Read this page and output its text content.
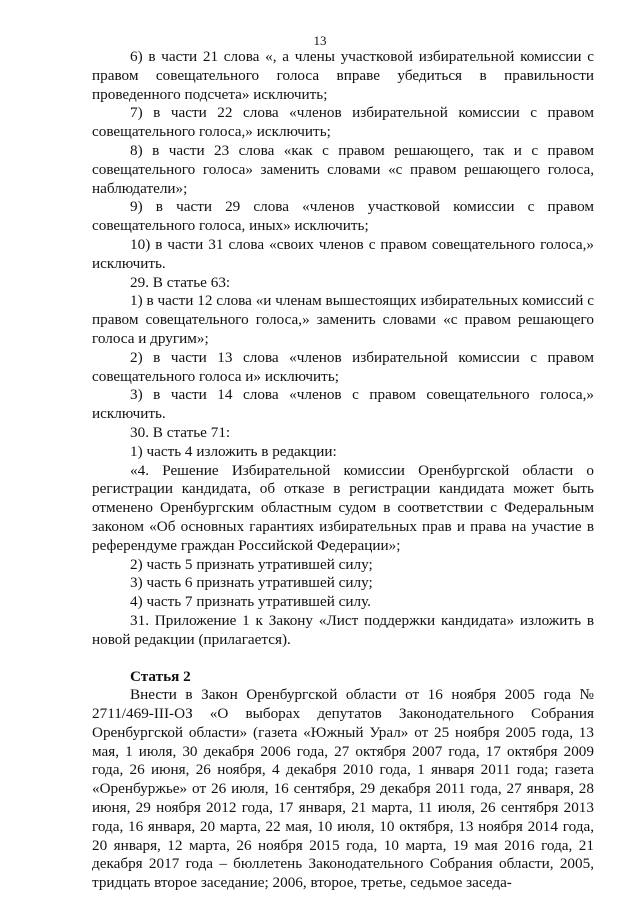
13

6) в части 21 слова «, а члены участковой избирательной комиссии с правом совещательного голоса вправе убедиться в правильности проведенного подсчета» исключить;

7) в части 22 слова «членов избирательной комиссии с правом совещательного голоса,» исключить;

8) в части 23 слова «как с правом решающего, так и с правом совещательного голоса» заменить словами «с правом решающего голоса, наблюдатели»;

9) в части 29 слова «членов участковой комиссии с правом совещательного голоса, иных» исключить;

10) в части 31 слова «своих членов с правом совещательного голоса,» исключить.

29. В статье 63:

1) в части 12 слова «и членам вышестоящих избирательных комиссий с правом совещательного голоса,» заменить словами «с правом решающего голоса и другим»;

2) в части 13 слова «членов избирательной комиссии с правом совещательного голоса и» исключить;

3) в части 14 слова «членов с правом совещательного голоса,» исключить.

30. В статье 71:

1) часть 4 изложить в редакции:

«4. Решение Избирательной комиссии Оренбургской области о регистрации кандидата, об отказе в регистрации кандидата может быть отменено Оренбургским областным судом в соответствии с Федеральным законом «Об основных гарантиях избирательных прав и права на участие в референдуме граждан Российской Федерации»;

2) часть 5 признать утратившей силу;

3) часть 6 признать утратившей силу;

4) часть 7 признать утратившей силу.

31. Приложение 1 к Закону «Лист поддержки кандидата» изложить в новой редакции (прилагается).

Статья 2

Внести в Закон Оренбургской области от 16 ноября 2005 года № 2711/469-III-ОЗ «О выборах депутатов Законодательного Собрания Оренбургской области» (газета «Южный Урал» от 25 ноября 2005 года, 13 мая, 1 июля, 30 декабря 2006 года, 27 октября 2007 года, 17 октября 2009 года, 26 июня, 26 ноября, 4 декабря 2010 года, 1 января 2011 года; газета «Оренбуржье» от 26 июля, 16 сентября, 29 декабря 2011 года, 27 января, 28 июня, 29 ноября 2012 года, 17 января, 21 марта, 11 июля, 26 сентября 2013 года, 16 января, 20 марта, 22 мая, 10 июля, 10 октября, 13 ноября 2014 года, 20 января, 12 марта, 26 ноября 2015 года, 10 марта, 19 мая 2016 года, 21 декабря 2017 года – бюллетень Законодательного Собрания области, 2005, тридцать второе заседание; 2006, второе, третье, седьмое заседа-
